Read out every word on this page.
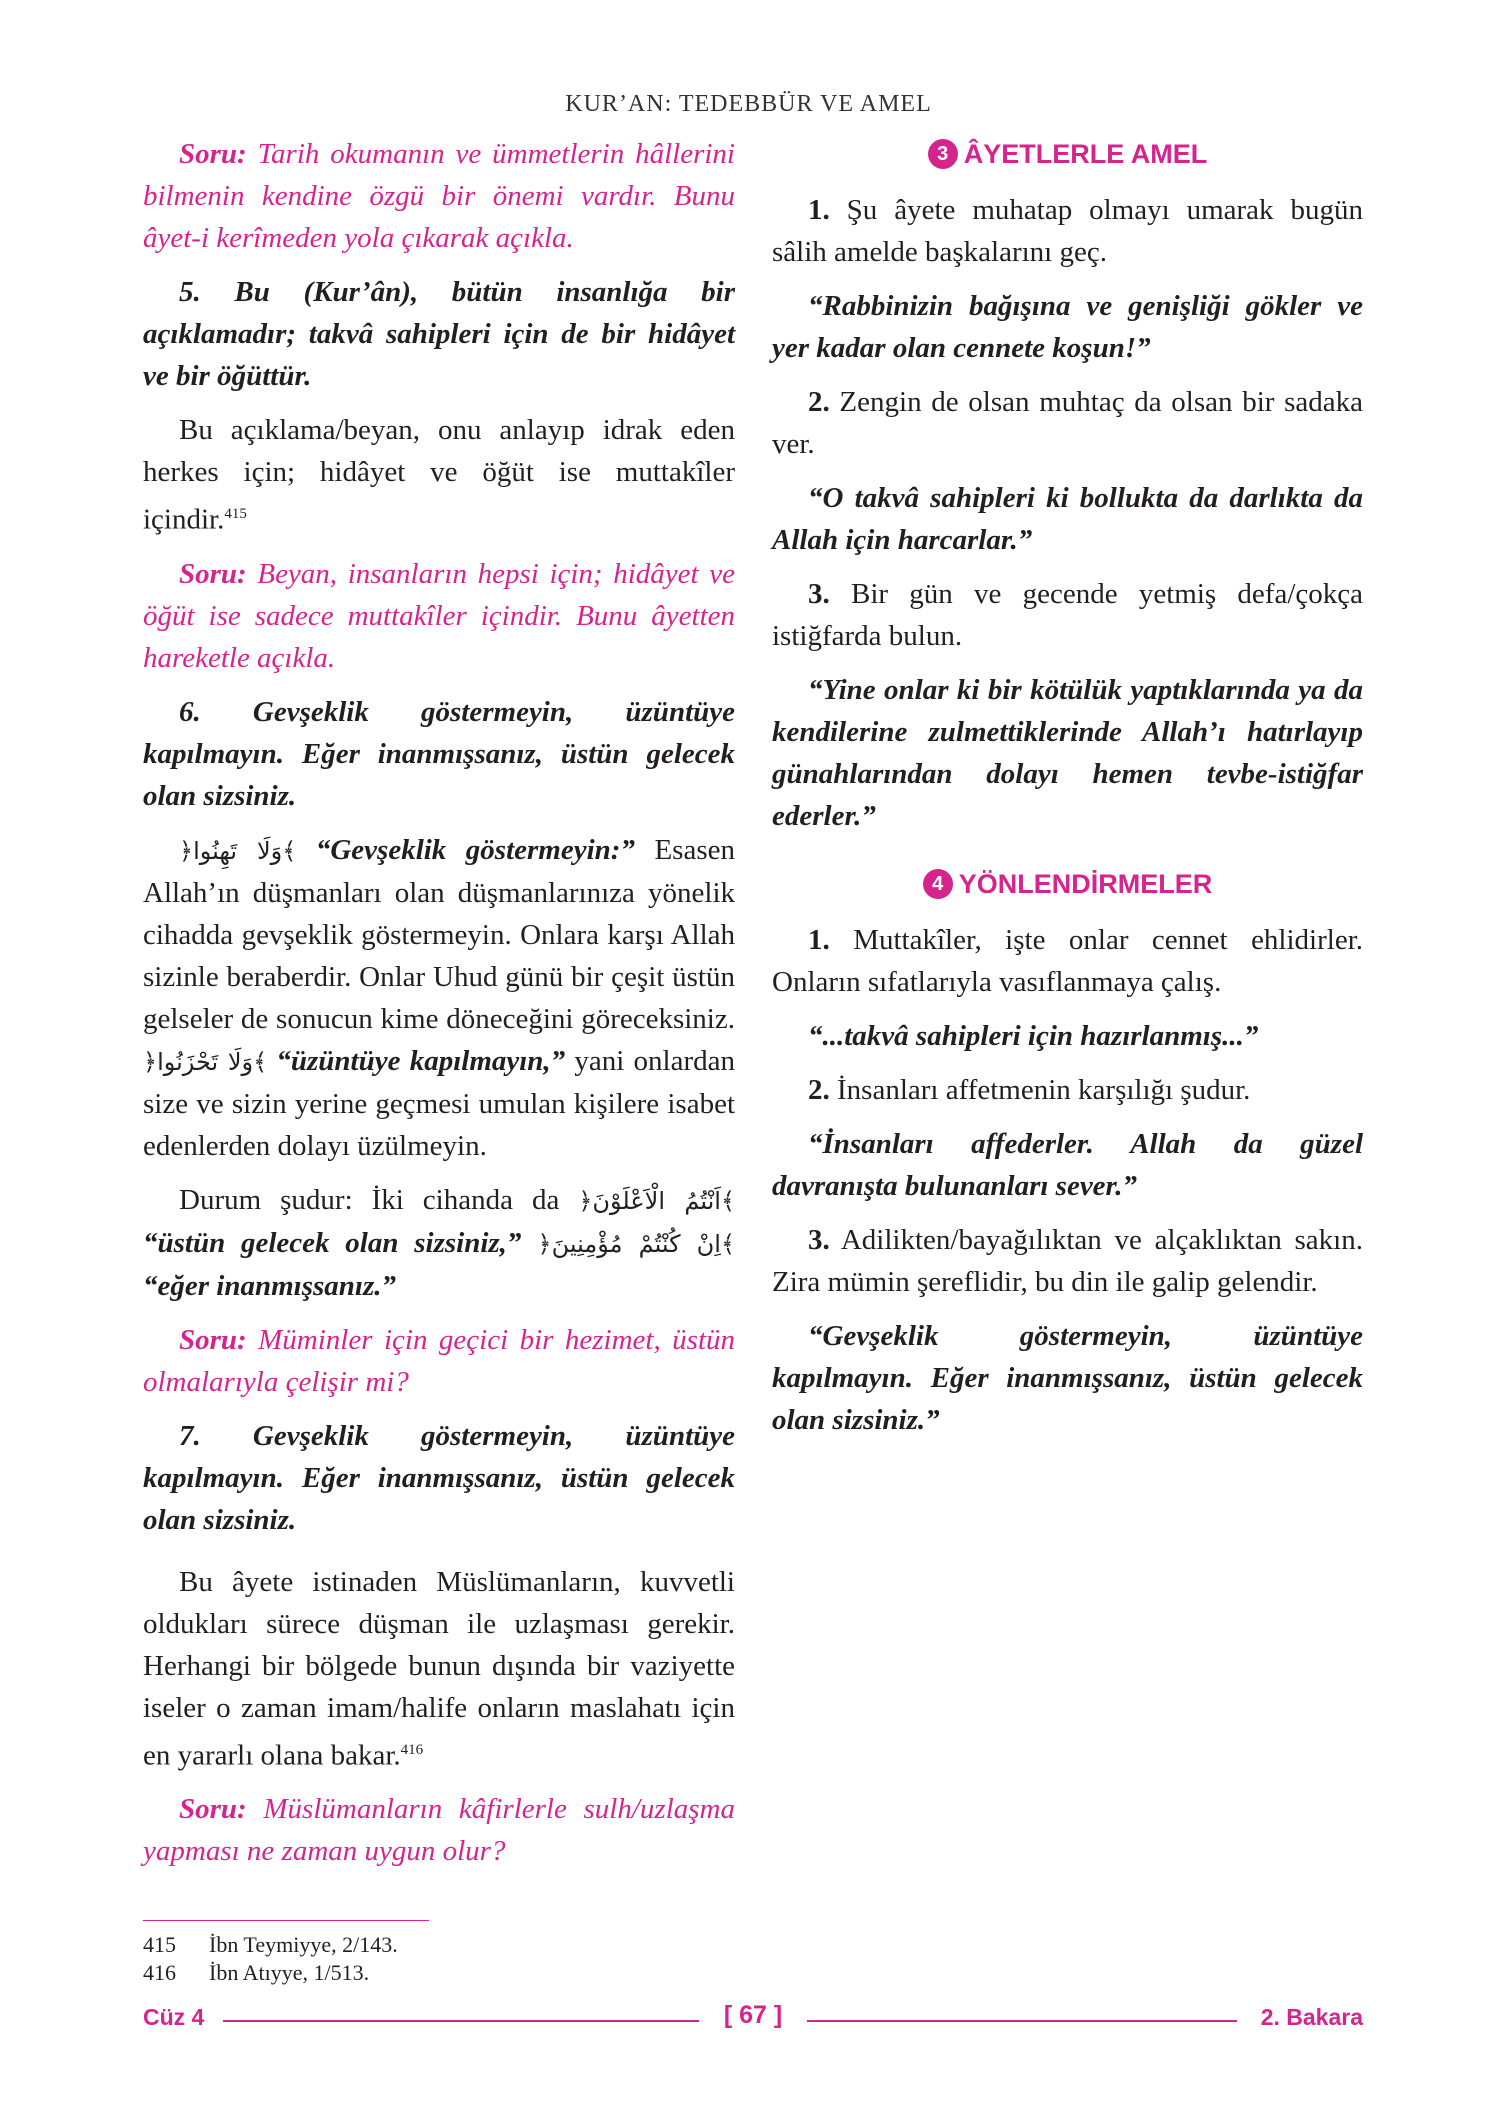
KUR’AN: TEDEBBÜR VE AMEL

Soru: Tarih okumanın ve ümmetlerin hâllerini bilmenin kendine özgü bir önemi vardır. Bunu âyet-i kerîmeden yola çıkarak açıkla.

5. Bu (Kur’ân), bütün insanlığa bir açıklamadır; takvâ sahipleri için de bir hidâyet ve bir öğüttür.

Bu açıklama/beyan, onu anlayıp idrak eden herkes için; hidâyet ve öğüt ise muttakîler içindir.$^{415}$

Soru: Beyan, insanların hepsi için; hidâyet ve öğüt ise sadece muttakîler içindir. Bunu âyetten hareketle açıkla.

6. Gevşeklik göstermeyin, üzüntüye kapılmayın. Eğer inanmışsanız, üstün gelecek olan sizsiniz.

﴿وَلَا تَهِنُوا﴾ “Gevşeklik göstermeyin:” Esasen Allah’ın düşmanları olan düşmanlarınıza yönelik cihadda gevşeklik göstermeyin. Onlara karşı Allah sizinle beraberdir. Onlar Uhud günü bir çeşit üstün gelseler de sonucun kime döneceğini göreceksiniz. ﴿وَلَا تَحْزَنُوا﴾ “üzüntüye kapılmayın,” yani onlardan size ve sizin yerine geçmesi umulan kişilere isabet edenlerden dolayı üzülmeyin.

Durum şudur: İki cihanda da ﴿اَنْتُمُ الْاَعْلَوْنَ﴾ “üstün gelecek olan sizsiniz,” ﴿اِنْ كُنْتُمْ مُؤْمِنِينَ﴾ “eğer inanmışsanız.”

Soru: Müminler için geçici bir hezimet, üstün olmalarıyla çelişir mi?

7. Gevşeklik göstermeyin, üzüntüye kapılmayın. Eğer inanmışsanız, üstün gelecek olan sizsiniz.

Bu âyete istinaden Müslümanların, kuvvetli oldukları sürece düşman ile uzlaşması gerekir. Herhangi bir bölgede bunun dışında bir vaziyette iseler o zaman imam/halife onların maslahatı için en yararlı olana bakar.$^{416}$

Soru: Müslümanların kâfirlerle sulh/uzlaşma yapması ne zaman uygun olur?

3 ÂYETLERLE AMEL

1. Şu âyete muhatap olmayı umarak bugün sâlih amelde başkalarını geç.

“Rabbinizin bağışına ve genişliği gökler ve yer kadar olan cennete koşun!”

2. Zengin de olsan muhtaç da olsan bir sadaka ver.

“O takvâ sahipleri ki bollukta da darlıkta da Allah için harcarlar.”

3. Bir gün ve gecende yetmiş defa/çokça istiğfarda bulun.

“Yine onlar ki bir kötülük yaptıklarında ya da kendilerine zulmettiklerinde Allah’ı hatırlayıp günahlarından dolayı hemen tevbe-istiğfar ederler.”

4 YÖNLENDİRMELER

1. Muttakîler, işte onlar cennet ehlidirler. Onların sıfatlarıyla vasıflanmaya çalış.

“...takvâ sahipleri için hazırlanmış...”

2. İnsanları affetmenin karşılığı şudur.

“İnsanları affederler. Allah da güzel davranışta bulunanları sever.”

3. Adilikten/bayağılıktan ve alçaklıktan sakın. Zira mümin şereflidir, bu din ile galip gelendir.

“Gevşeklik göstermeyin, üzüntüye kapılmayın. Eğer inanmışsanız, üstün gelecek olan sizsiniz.”

415 İbn Teymiyye, 2/143.
416 İbn Atıyye, 1/513.
Cüz 4	[ 67 ]	2. Bakara
